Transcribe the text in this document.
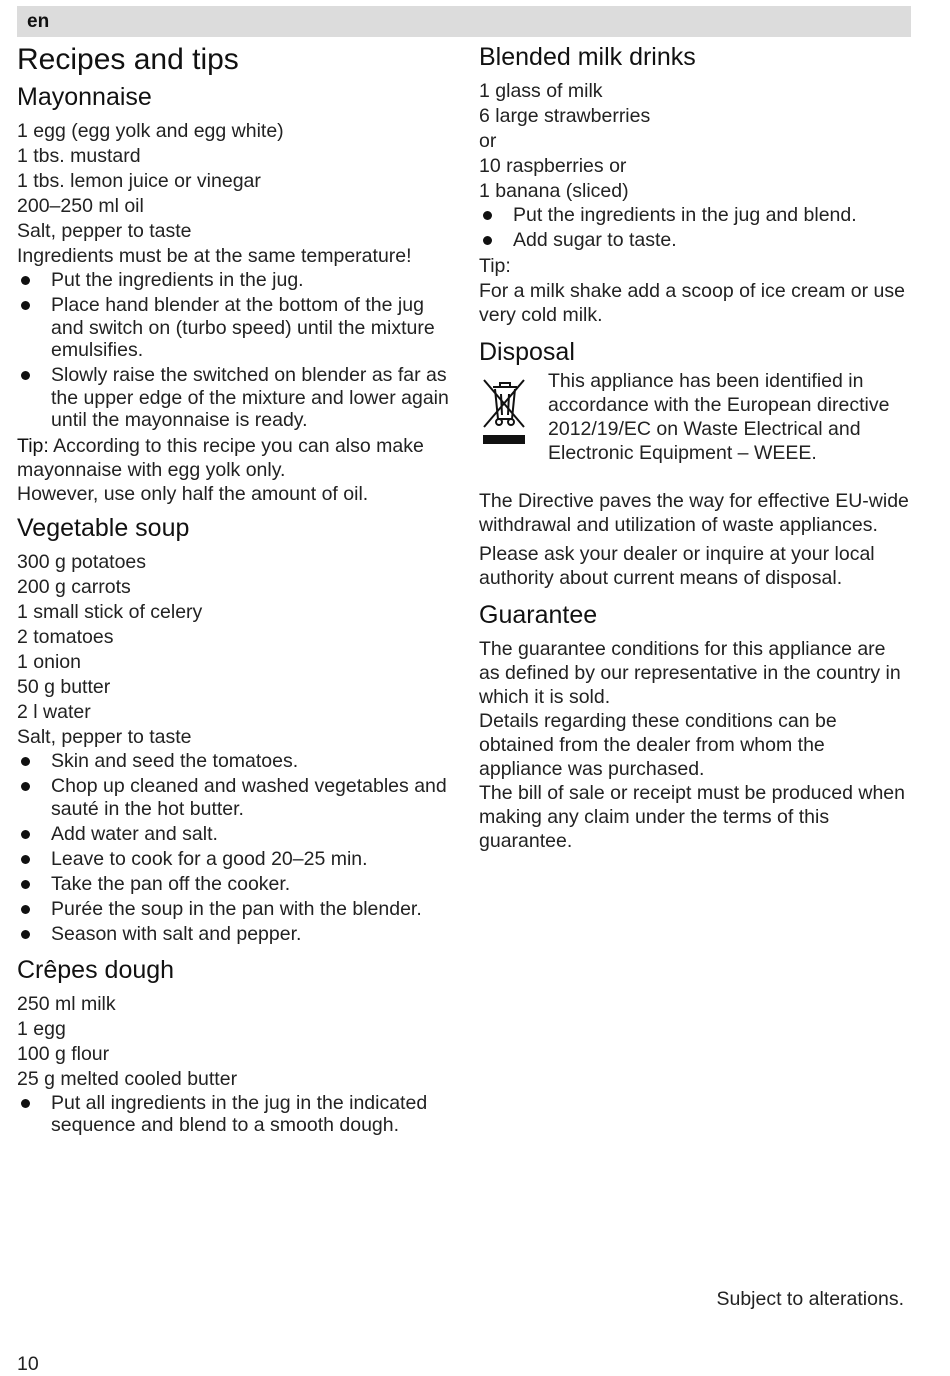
en
Recipes and tips
Mayonnaise

1 egg (egg yolk and egg white)

1 tbs. mustard

1 tbs. lemon juice or vinegar

200–250 ml oil

Salt, pepper to taste

Ingredients must be at the same temperature!

Put the ingredients in the jug.
Place hand blender at the bottom of the jug and switch on (turbo speed) until the mixture emulsifies.
Slowly raise the switched on blender as far as the upper edge of the mixture and lower again until the mayonnaise is ready.

Tip: According to this recipe you can also make mayonnaise with egg yolk only.

However, use only half the amount of oil.

Vegetable soup

300 g potatoes

200 g carrots

1 small stick of celery

2 tomatoes

1 onion

50 g butter

2 l water

Salt, pepper to taste

Skin and seed the tomatoes.
Chop up cleaned and washed vegetables and sauté in the hot butter.
Add water and salt.
Leave to cook for a good 20–25 min.
Take the pan off the cooker.
Purée the soup in the pan with the blender.
Season with salt and pepper.
Crêpes dough

250 ml milk

1 egg

100 g flour

25 g melted cooled butter

Put all ingredients in the jug in the indicated sequence and blend to a smooth dough.
Blended milk drinks

1 glass of milk

6 large strawberries

or

10 raspberries or

1 banana (sliced)

Put the ingredients in the jug and blend.
Add sugar to taste.

Tip:

For a milk shake add a scoop of ice cream or use very cold milk.

Disposal

This appliance has been identified in accordance with the European directive 2012/19/EC on Waste Electrical and Electronic Equipment – WEEE.

The Directive paves the way for effective EU-wide withdrawal and utilization of waste appliances.

Please ask your dealer or inquire at your local authority about current means of disposal.

Guarantee

The guarantee conditions for this appliance are as defined by our representative in the country in which it is sold.

Details regarding these conditions can be obtained from the dealer from whom the appliance was purchased.

The bill of sale or receipt must be produced when making any claim under the terms of this guarantee.

Subject to alterations.
10
